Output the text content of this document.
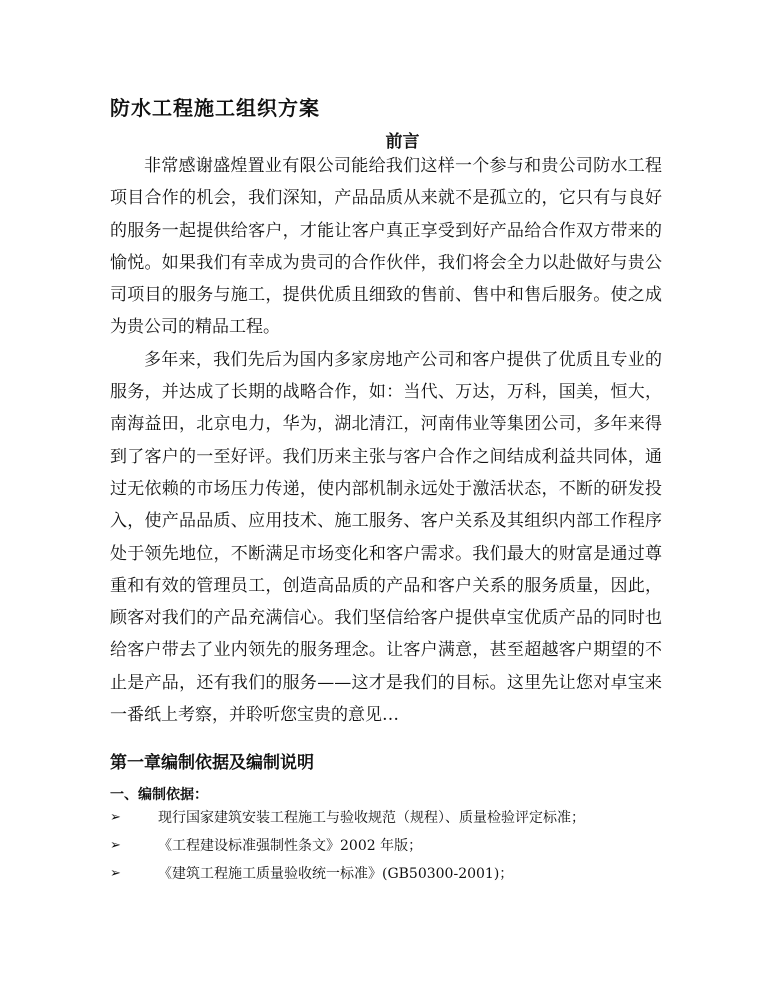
防水工程施工组织方案
前言

非常感谢盛煌置业有限公司能给我们这样一个参与和贵公司防水工程项目合作的机会，我们深知，产品品质从来就不是孤立的，它只有与良好的服务一起提供给客户，才能让客户真正享受到好产品给合作双方带来的愉悦。如果我们有幸成为贵司的合作伙伴，我们将会全力以赴做好与贵公司项目的服务与施工，提供优质且细致的售前、售中和售后服务。使之成为贵公司的精品工程。

多年来，我们先后为国内多家房地产公司和客户提供了优质且专业的服务，并达成了长期的战略合作，如：当代、万达，万科，国美，恒大，南海益田，北京电力，华为，湖北清江，河南伟业等集团公司，多年来得到了客户的一至好评。我们历来主张与客户合作之间结成利益共同体，通过无依赖的市场压力传递，使内部机制永远处于激活状态，不断的研发投入，使产品品质、应用技术、施工服务、客户关系及其组织内部工作程序处于领先地位，不断满足市场变化和客户需求。我们最大的财富是通过尊重和有效的管理员工，创造高品质的产品和客户关系的服务质量，因此，顾客对我们的产品充满信心。我们坚信给客户提供卓宝优质产品的同时也给客户带去了业内领先的服务理念。让客户满意，甚至超越客户期望的不止是产品，还有我们的服务——这才是我们的目标。这里先让您对卓宝来一番纸上考察，并聆听您宝贵的意见…

第一章编制依据及编制说明
一、编制依据：
➢	现行国家建筑安装工程施工与验收规范（规程）、质量检验评定标准；
➢	《工程建设标准强制性条文》2002 年版；
➢	《建筑工程施工质量验收统一标准》(GB50300-2001)；
